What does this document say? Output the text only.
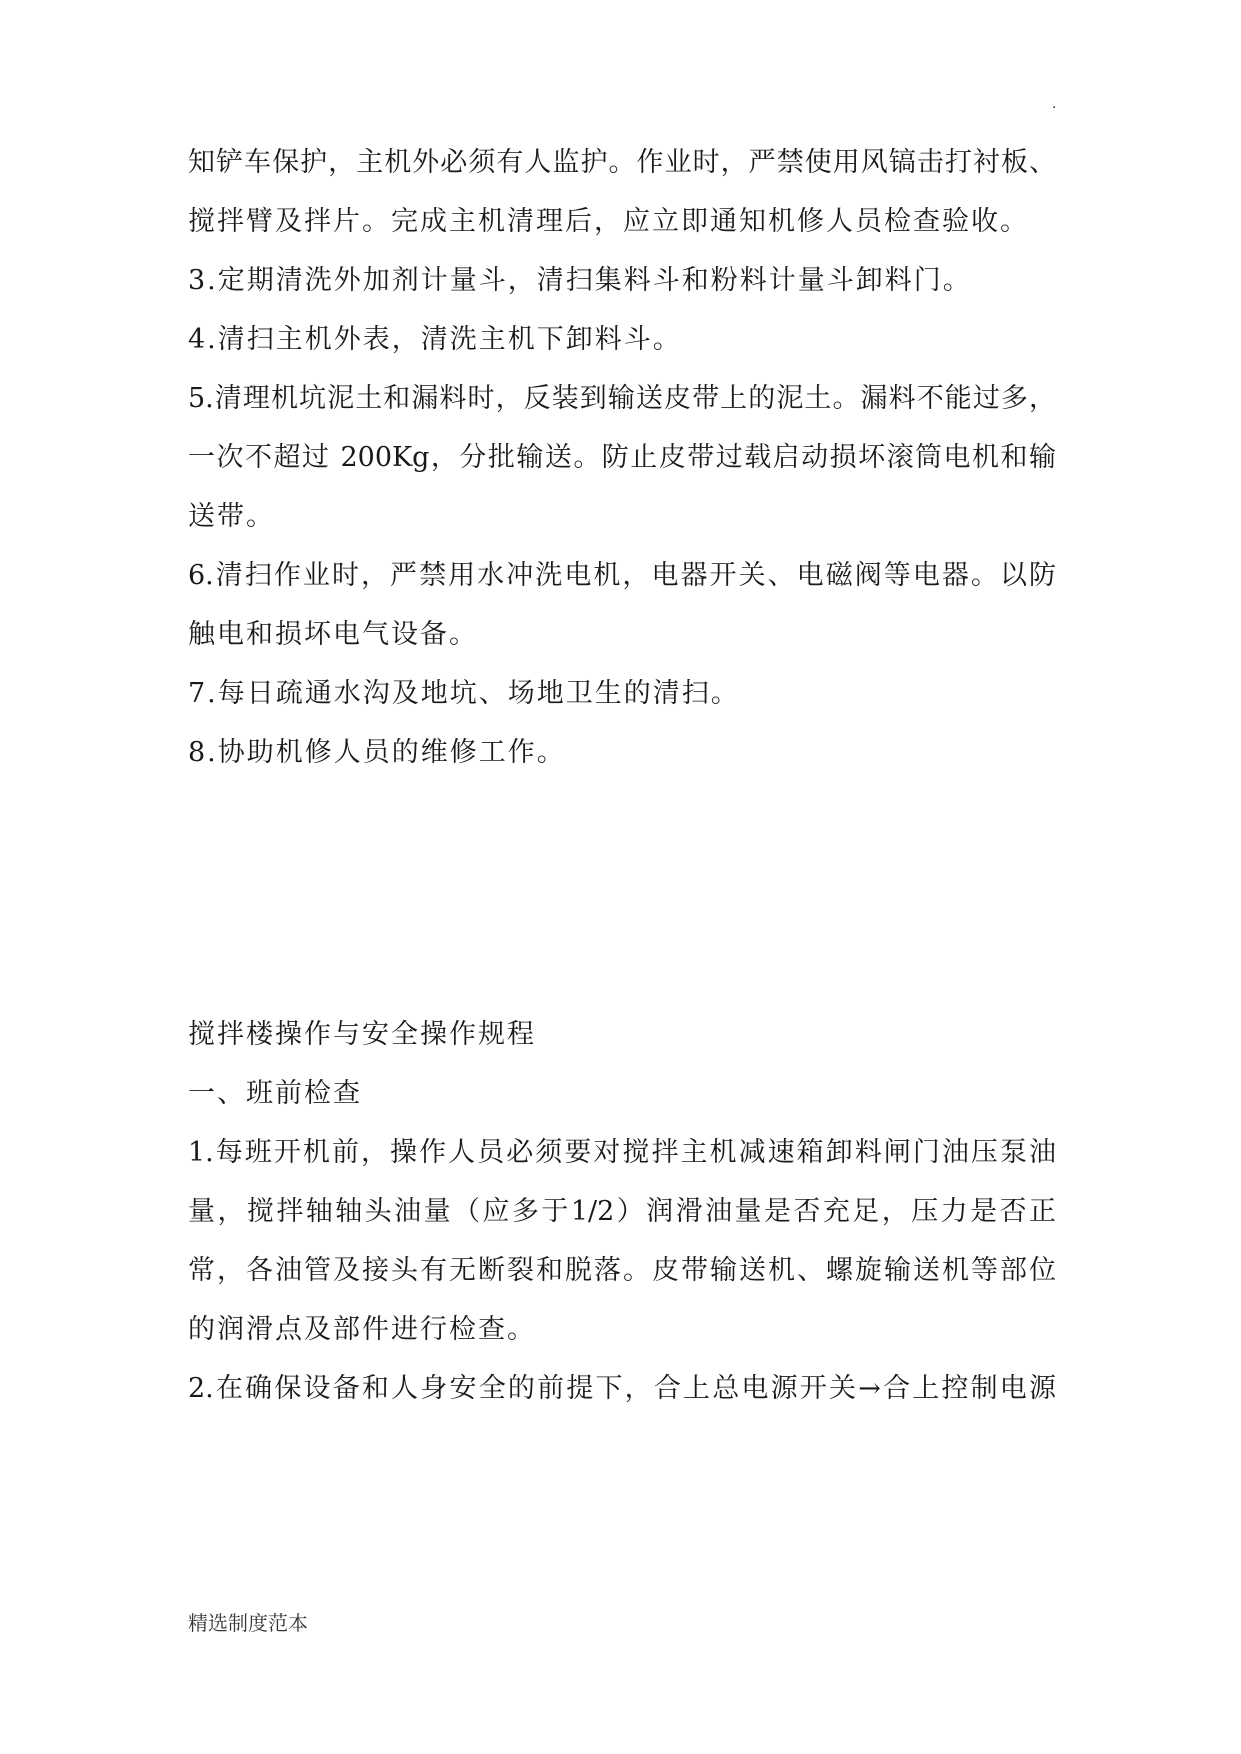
.
知铲车保护，主机外必须有人监护。作业时，严禁使用风镐击打衬板、
搅拌臂及拌片。完成主机清理后，应立即通知机修人员检查验收。
3.定期清洗外加剂计量斗，清扫集料斗和粉料计量斗卸料门。
4.清扫主机外表，清洗主机下卸料斗。
5.清理机坑泥土和漏料时，反装到输送皮带上的泥土。漏料不能过多，
一次不超过 200Kg，分批输送。防止皮带过载启动损坏滚筒电机和输
送带。
6.清扫作业时，严禁用水冲洗电机，电器开关、电磁阀等电器。以防
触电和损坏电气设备。
7.每日疏通水沟及地坑、场地卫生的清扫。
8.协助机修人员的维修工作。
搅拌楼操作与安全操作规程
一、班前检查
1.每班开机前，操作人员必须要对搅拌主机减速箱卸料闸门油压泵油
量，搅拌轴轴头油量（应多于1/2）润滑油量是否充足，压力是否正
常，各油管及接头有无断裂和脱落。皮带输送机、螺旋输送机等部位
的润滑点及部件进行检查。
2.在确保设备和人身安全的前提下，合上总电源开关→合上控制电源
精选制度范本
